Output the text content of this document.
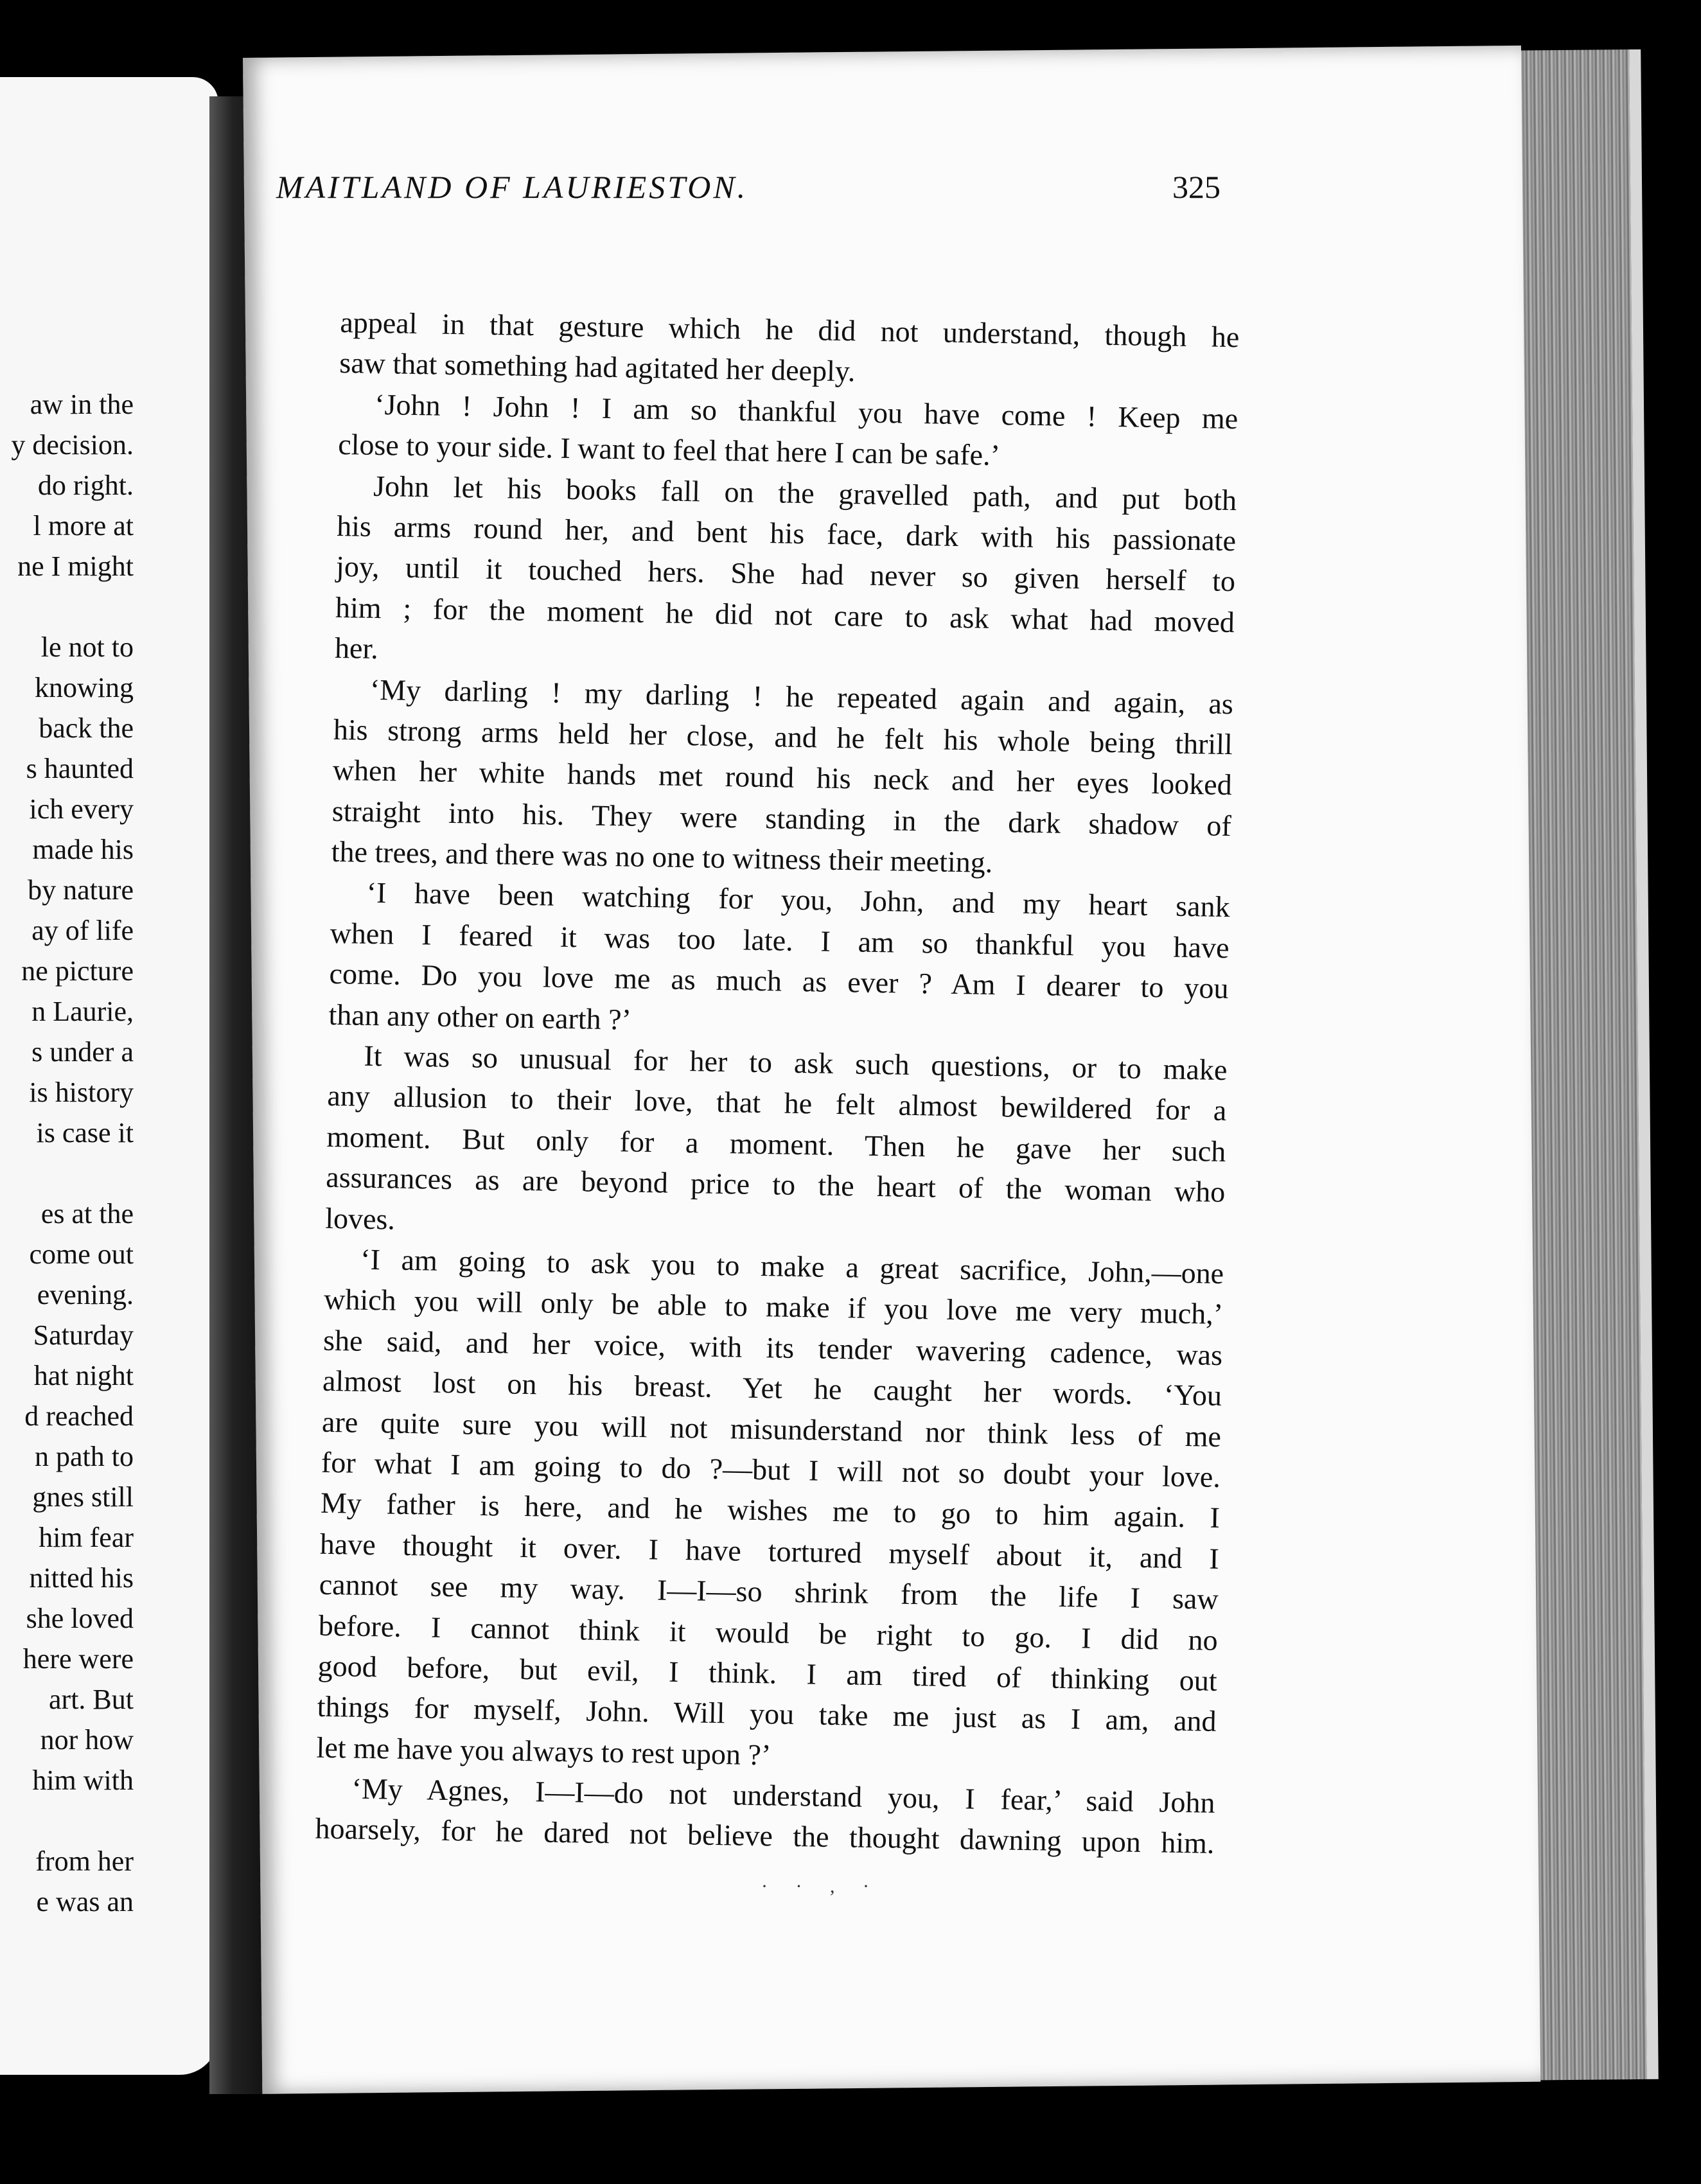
aw in the
y decision.
do right.
l more at
ne I might
le not to
knowing
back the
s haunted
ich every
made his
by nature
ay of life
ne picture
n Laurie,
s under a
is history
is case it
es at the
come out
evening.
Saturday
hat night
d reached
n path to
gnes still
him fear
nitted his
she loved
here were
art. But
nor how
him with
from her
e was an
MAITLAND OF LAURIESTON.	325
appeal in that gesture which he did not understand, though he
saw that something had agitated her deeply.
‘John ! John ! I am so thankful you have come ! Keep me
close to your side. I want to feel that here I can be safe.’
John let his books fall on the gravelled path, and put both
his arms round her, and bent his face, dark with his passionate
joy, until it touched hers. She had never so given herself to
him ; for the moment he did not care to ask what had moved
her.
‘My darling ! my darling ! he repeated again and again, as
his strong arms held her close, and he felt his whole being thrill
when her white hands met round his neck and her eyes looked
straight into his. They were standing in the dark shadow of
the trees, and there was no one to witness their meeting.
‘I have been watching for you, John, and my heart sank
when I feared it was too late. I am so thankful you have
come. Do you love me as much as ever ? Am I dearer to you
than any other on earth ?’
It was so unusual for her to ask such questions, or to make
any allusion to their love, that he felt almost bewildered for a
moment. But only for a moment. Then he gave her such
assurances as are beyond price to the heart of the woman who
loves.
‘I am going to ask you to make a great sacrifice, John,—one
which you will only be able to make if you love me very much,’
she said, and her voice, with its tender wavering cadence, was
almost lost on his breast. Yet he caught her words. ‘You
are quite sure you will not misunderstand nor think less of me
for what I am going to do ?—but I will not so doubt your love.
My father is here, and he wishes me to go to him again. I
have thought it over. I have tortured myself about it, and I
cannot see my way. I—I—so shrink from the life I saw
before. I cannot think it would be right to go. I did no
good before, but evil, I think. I am tired of thinking out
things for myself, John. Will you take me just as I am, and
let me have you always to rest upon ?’
‘My Agnes, I—I—do not understand you, I fear,’ said John
hoarsely, for he dared not believe the thought dawning upon him.
· · , ·
